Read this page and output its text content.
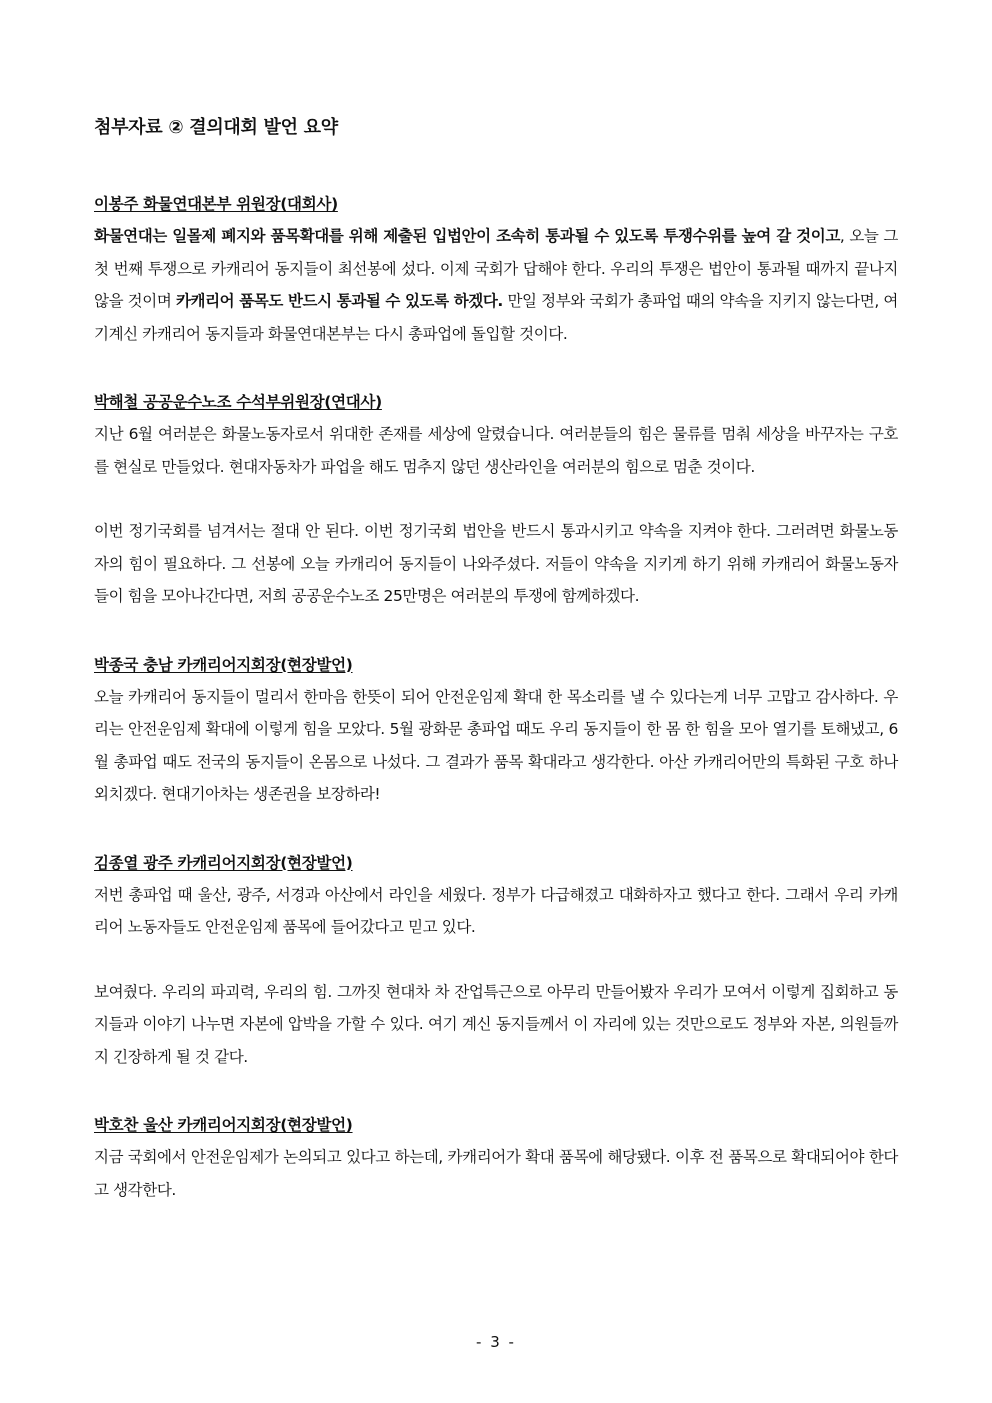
첨부자료 ② 결의대회 발언 요약

이봉주 화물연대본부 위원장(대회사)

화물연대는 일몰제 폐지와 품목확대를 위해 제출된 입법안이 조속히 통과될 수 있도록 투쟁수위를 높여 갈 것이고, 오늘 그 첫 번째 투쟁으로 카캐리어 동지들이 최선봉에 섰다. 이제 국회가 답해야 한다. 우리의 투쟁은 법안이 통과될 때까지 끝나지 않을 것이며 카캐리어 품목도 반드시 통과될 수 있도록 하겠다. 만일 정부와 국회가 총파업 때의 약속을 지키지 않는다면, 여기계신 카캐리어 동지들과 화물연대본부는 다시 총파업에 돌입할 것이다.

박해철 공공운수노조 수석부위원장(연대사)

지난 6월 여러분은 화물노동자로서 위대한 존재를 세상에 알렸습니다. 여러분들의 힘은 물류를 멈춰 세상을 바꾸자는 구호를 현실로 만들었다. 현대자동차가 파업을 해도 멈추지 않던 생산라인을 여러분의 힘으로 멈춘 것이다.

이번 정기국회를 넘겨서는 절대 안 된다. 이번 정기국회 법안을 반드시 통과시키고 약속을 지켜야 한다. 그러려면 화물노동자의 힘이 필요하다. 그 선봉에 오늘 카캐리어 동지들이 나와주셨다. 저들이 약속을 지키게 하기 위해 카캐리어 화물노동자들이 힘을 모아나간다면, 저희 공공운수노조 25만명은 여러분의 투쟁에 함께하겠다.

박종국 충남 카캐리어지회장(현장발언)

오늘 카캐리어 동지들이 멀리서 한마음 한뜻이 되어 안전운임제 확대 한 목소리를 낼 수 있다는게 너무 고맙고 감사하다. 우리는 안전운임제 확대에 이렇게 힘을 모았다. 5월 광화문 총파업 때도 우리 동지들이 한 몸 한 힘을 모아 열기를 토해냈고, 6월 총파업 때도 전국의 동지들이 온몸으로 나섰다. 그 결과가 품목 확대라고 생각한다. 아산 카캐리어만의 특화된 구호 하나 외치겠다. 현대기아차는 생존권을 보장하라!

김종열 광주 카캐리어지회장(현장발언)

저번 총파업 때 울산, 광주, 서경과 아산에서 라인을 세웠다. 정부가 다급해졌고 대화하자고 했다고 한다. 그래서 우리 카캐리어 노동자들도 안전운임제 품목에 들어갔다고 믿고 있다.

보여줬다. 우리의 파괴력, 우리의 힘. 그까짓 현대차 차 잔업특근으로 아무리 만들어봤자 우리가 모여서 이렇게 집회하고 동지들과 이야기 나누면 자본에 압박을 가할 수 있다. 여기 계신 동지들께서 이 자리에 있는 것만으로도 정부와 자본, 의원들까지 긴장하게 될 것 같다.

박호찬 울산 카캐리어지회장(현장발언)

지금 국회에서 안전운임제가 논의되고 있다고 하는데, 카캐리어가 확대 품목에 해당됐다. 이후 전 품목으로 확대되어야 한다고 생각한다.

- 3 -
